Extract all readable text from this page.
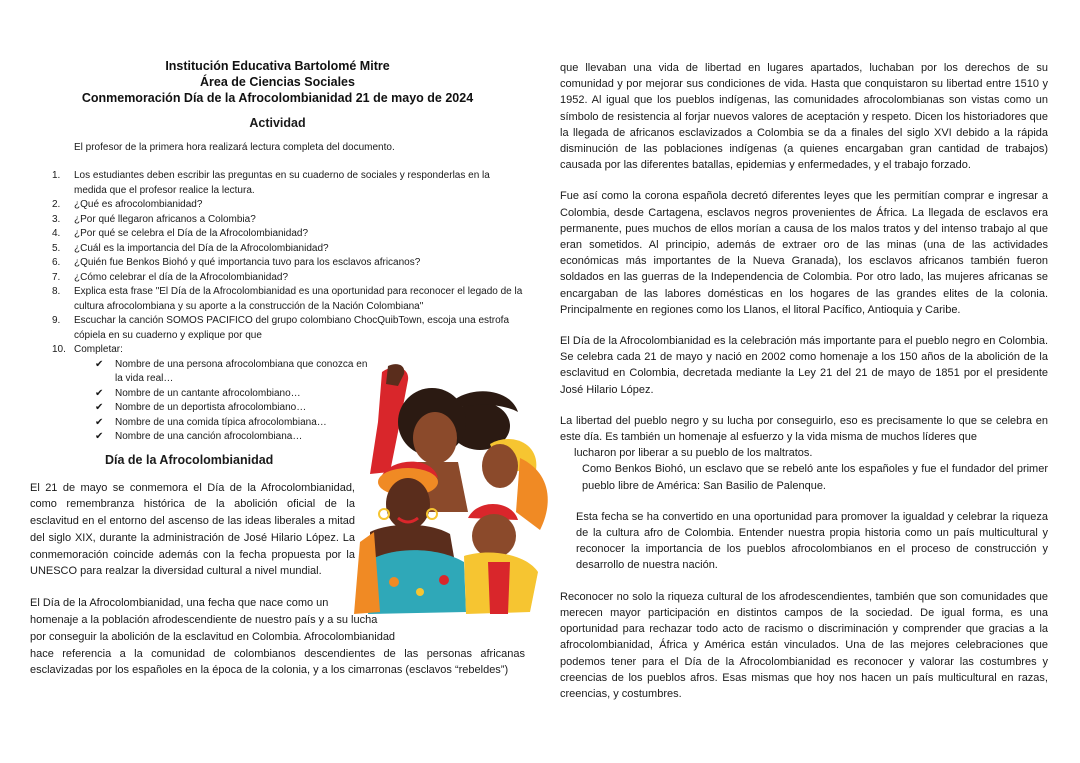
Institución Educativa Bartolomé Mitre
Área de Ciencias Sociales
Conmemoración Día de la Afrocolombianidad 21 de mayo de 2024
Actividad
El profesor de la primera hora realizará lectura completa del documento.
1. Los estudiantes deben escribir las preguntas en su cuaderno de sociales y responderlas en la medida que el profesor realice la lectura.
2. ¿Qué es afrocolombianidad?
3. ¿Por qué llegaron africanos a Colombia?
4. ¿Por qué se celebra el Día de la Afrocolombianidad?
5. ¿Cuál es la importancia del Día de la Afrocolombianidad?
6. ¿Quién fue Benkos Biohó y qué importancia tuvo para los esclavos africanos?
7. ¿Cómo celebrar el día de la Afrocolombianidad?
8. Explica esta frase "El Día de la Afrocolombianidad es una oportunidad para reconocer el legado de la cultura afrocolombiana y su aporte a la construcción de la Nación Colombiana"
9. Escuchar la canción SOMOS PACIFICO del grupo colombiano ChocQuibTown, escoja una estrofa cópiela en su cuaderno y explique por que
10. Completar:
✔ Nombre de una persona afrocolombiana que conozca en la vida real…
✔ Nombre de un cantante afrocolombiano…
✔ Nombre de un deportista afrocolombiano…
✔ Nombre de una comida típica afrocolombiana…
✔ Nombre de una canción afrocolombiana…
Día de la Afrocolombianidad
El 21 de mayo se conmemora el Día de la Afrocolombianidad, como remembranza histórica de la abolición oficial de la esclavitud en el entorno del ascenso de las ideas liberales a mitad del siglo XIX, durante la administración de José Hilario López. La conmemoración coincide además con la fecha propuesta por la UNESCO para realzar la diversidad cultural a nivel mundial.
El Día de la Afrocolombianidad, una fecha que nace como un
homenaje a la población afrodescendiente de nuestro país y a su lucha
por conseguir la abolición de la esclavitud en Colombia. Afrocolombianidad
hace referencia a la comunidad de colombianos descendientes de las personas africanas esclavizadas por los españoles en la época de la colonia, y a los cimarronas (esclavos “rebeldes”)

que llevaban una vida de libertad en lugares apartados, luchaban por los derechos de su comunidad y por mejorar sus condiciones de vida. Hasta que conquistaron su libertad entre 1510 y 1952. Al igual que los pueblos indígenas, las comunidades afrocolombianas son vistas como un símbolo de resistencia al forjar nuevos valores de aceptación y respeto. Dicen los historiadores que la llegada de africanos esclavizados a Colombia se da a finales del siglo XVI debido a la rápida disminución de las poblaciones indígenas (a quienes encargaban gran cantidad de trabajos) causada por las diferentes batallas, epidemias y enfermedades, y el trabajo forzado.

Fue así como la corona española decretó diferentes leyes que les permitían comprar e ingresar a Colombia, desde Cartagena, esclavos negros provenientes de África. La llegada de esclavos era permanente, pues muchos de ellos morían a causa de los malos tratos y del intenso trabajo al que eran sometidos. Al principio, además de extraer oro de las minas (una de las actividades económicas más importantes de la Nueva Granada), los esclavos africanos también fueron soldados en las guerras de la Independencia de Colombia. Por otro lado, las mujeres africanas se encargaban de las labores domésticas en los hogares de las grandes elites de la colonia. Principalmente en regiones como los Llanos, el litoral Pacífico, Antioquia y Caribe.

El Día de la Afrocolombianidad es la celebración más importante para el pueblo negro en Colombia. Se celebra cada 21 de mayo y nació en 2002 como homenaje a los 150 años de la abolición de la esclavitud en Colombia, decretada mediante la Ley 21 del 21 de mayo de 1851 por el presidente José Hilario López.

La libertad del pueblo negro y su lucha por conseguirlo, eso es precisamente lo que se celebra en este día. Es también un homenaje al esfuerzo y la vida misma de muchos líderes que

lucharon por liberar a su pueblo de los maltratos.

Como Benkos Biohó, un esclavo que se rebeló ante los españoles y fue el fundador del primer pueblo libre de América: San Basilio de Palenque.

Esta fecha se ha convertido en una oportunidad para promover la igualdad y celebrar la riqueza de la cultura afro de Colombia. Entender nuestra propia historia como un país multicultural y reconocer la importancia de los pueblos afrocolombianos en el proceso de construcción y desarrollo de nuestra nación.

Reconocer no solo la riqueza cultural de los afrodescendientes, también que son comunidades que merecen mayor participación en distintos campos de la sociedad. De igual forma, es una oportunidad para rechazar todo acto de racismo o discriminación y comprender que gracias a la afrocolombianidad, África y América están vinculados. Una de las mejores celebraciones que podemos tener para el Día de la Afrocolombianidad es reconocer y valorar las costumbres y creencias de los pueblos afros. Esas mismas que hoy nos hacen un país multicultural en razas, creencias, y costumbres.
